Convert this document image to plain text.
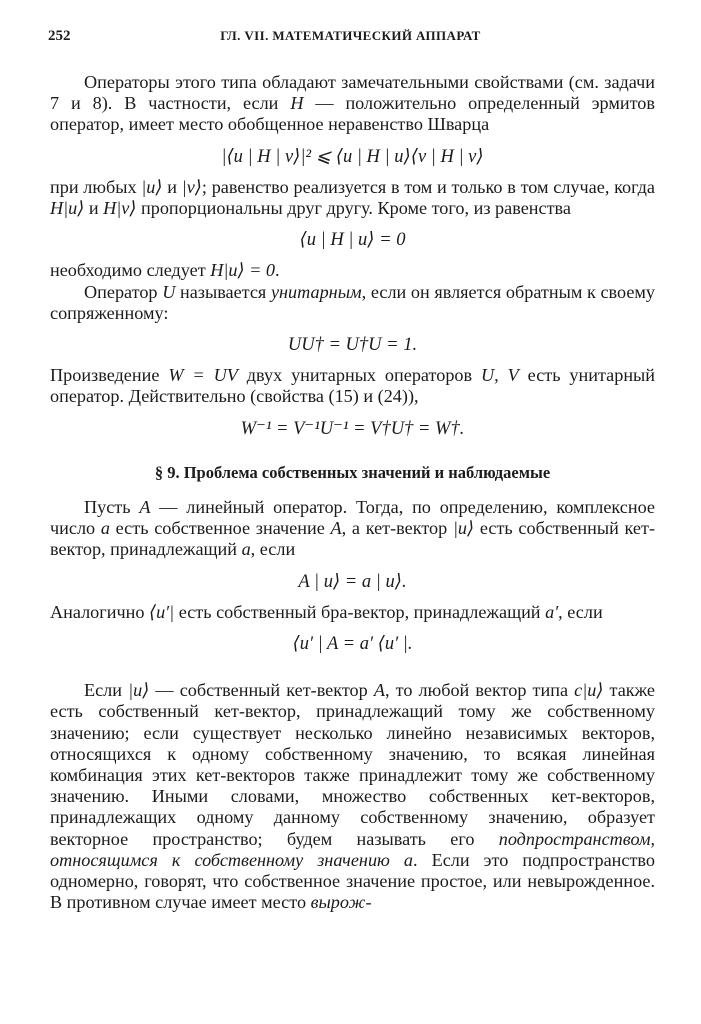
252	ГЛ. VII. МАТЕМАТИЧЕСКИЙ АППАРАТ

Операторы этого типа обладают замечательными свойствами (см. задачи 7 и 8). В частности, если H — положительно определенный эрмитов оператор, имеет место обобщенное неравенство Шварца

|⟨u | H | v⟩|² ⩽ ⟨u | H | u⟩⟨v | H | v⟩

при любых |u⟩ и |v⟩; равенство реализуется в том и только в том случае, когда H|u⟩ и H|v⟩ пропорциональны друг другу. Кроме того, из равенства

⟨u | H | u⟩ = 0

необходимо следует H|u⟩ = 0.

Оператор U называется унитарным, если он является обратным к своему сопряженному:

UU† = U†U = 1.

Произведение W = UV двух унитарных операторов U, V есть унитарный оператор. Действительно (свойства (15) и (24)),

W⁻¹ = V⁻¹U⁻¹ = V†U† = W†.
§ 9. Проблема собственных значений и наблюдаемые

Пусть A — линейный оператор. Тогда, по определению, комплексное число a есть собственное значение A, а кет-вектор |u⟩ есть собственный кет-вектор, принадлежащий a, если

A | u⟩ = a | u⟩.

Аналогично ⟨u′| есть собственный бра-вектор, принадлежащий a′, если

⟨u′ | A = a′ ⟨u′ |.

Если |u⟩ — собственный кет-вектор A, то любой вектор типа c|u⟩ также есть собственный кет-вектор, принадлежащий тому же собственному значению; если существует несколько линейно независимых векторов, относящихся к одному собственному значению, то всякая линейная комбинация этих кет-векторов также принадлежит тому же собственному значению. Иными словами, множество собственных кет-векторов, принадлежащих одному данному собственному значению, образует векторное пространство; будем называть его подпространством, относящимся к собственному значению a. Если это подпространство одномерно, говорят, что собственное значение простое, или невырожденное. В противном случае имеет место вырож-
